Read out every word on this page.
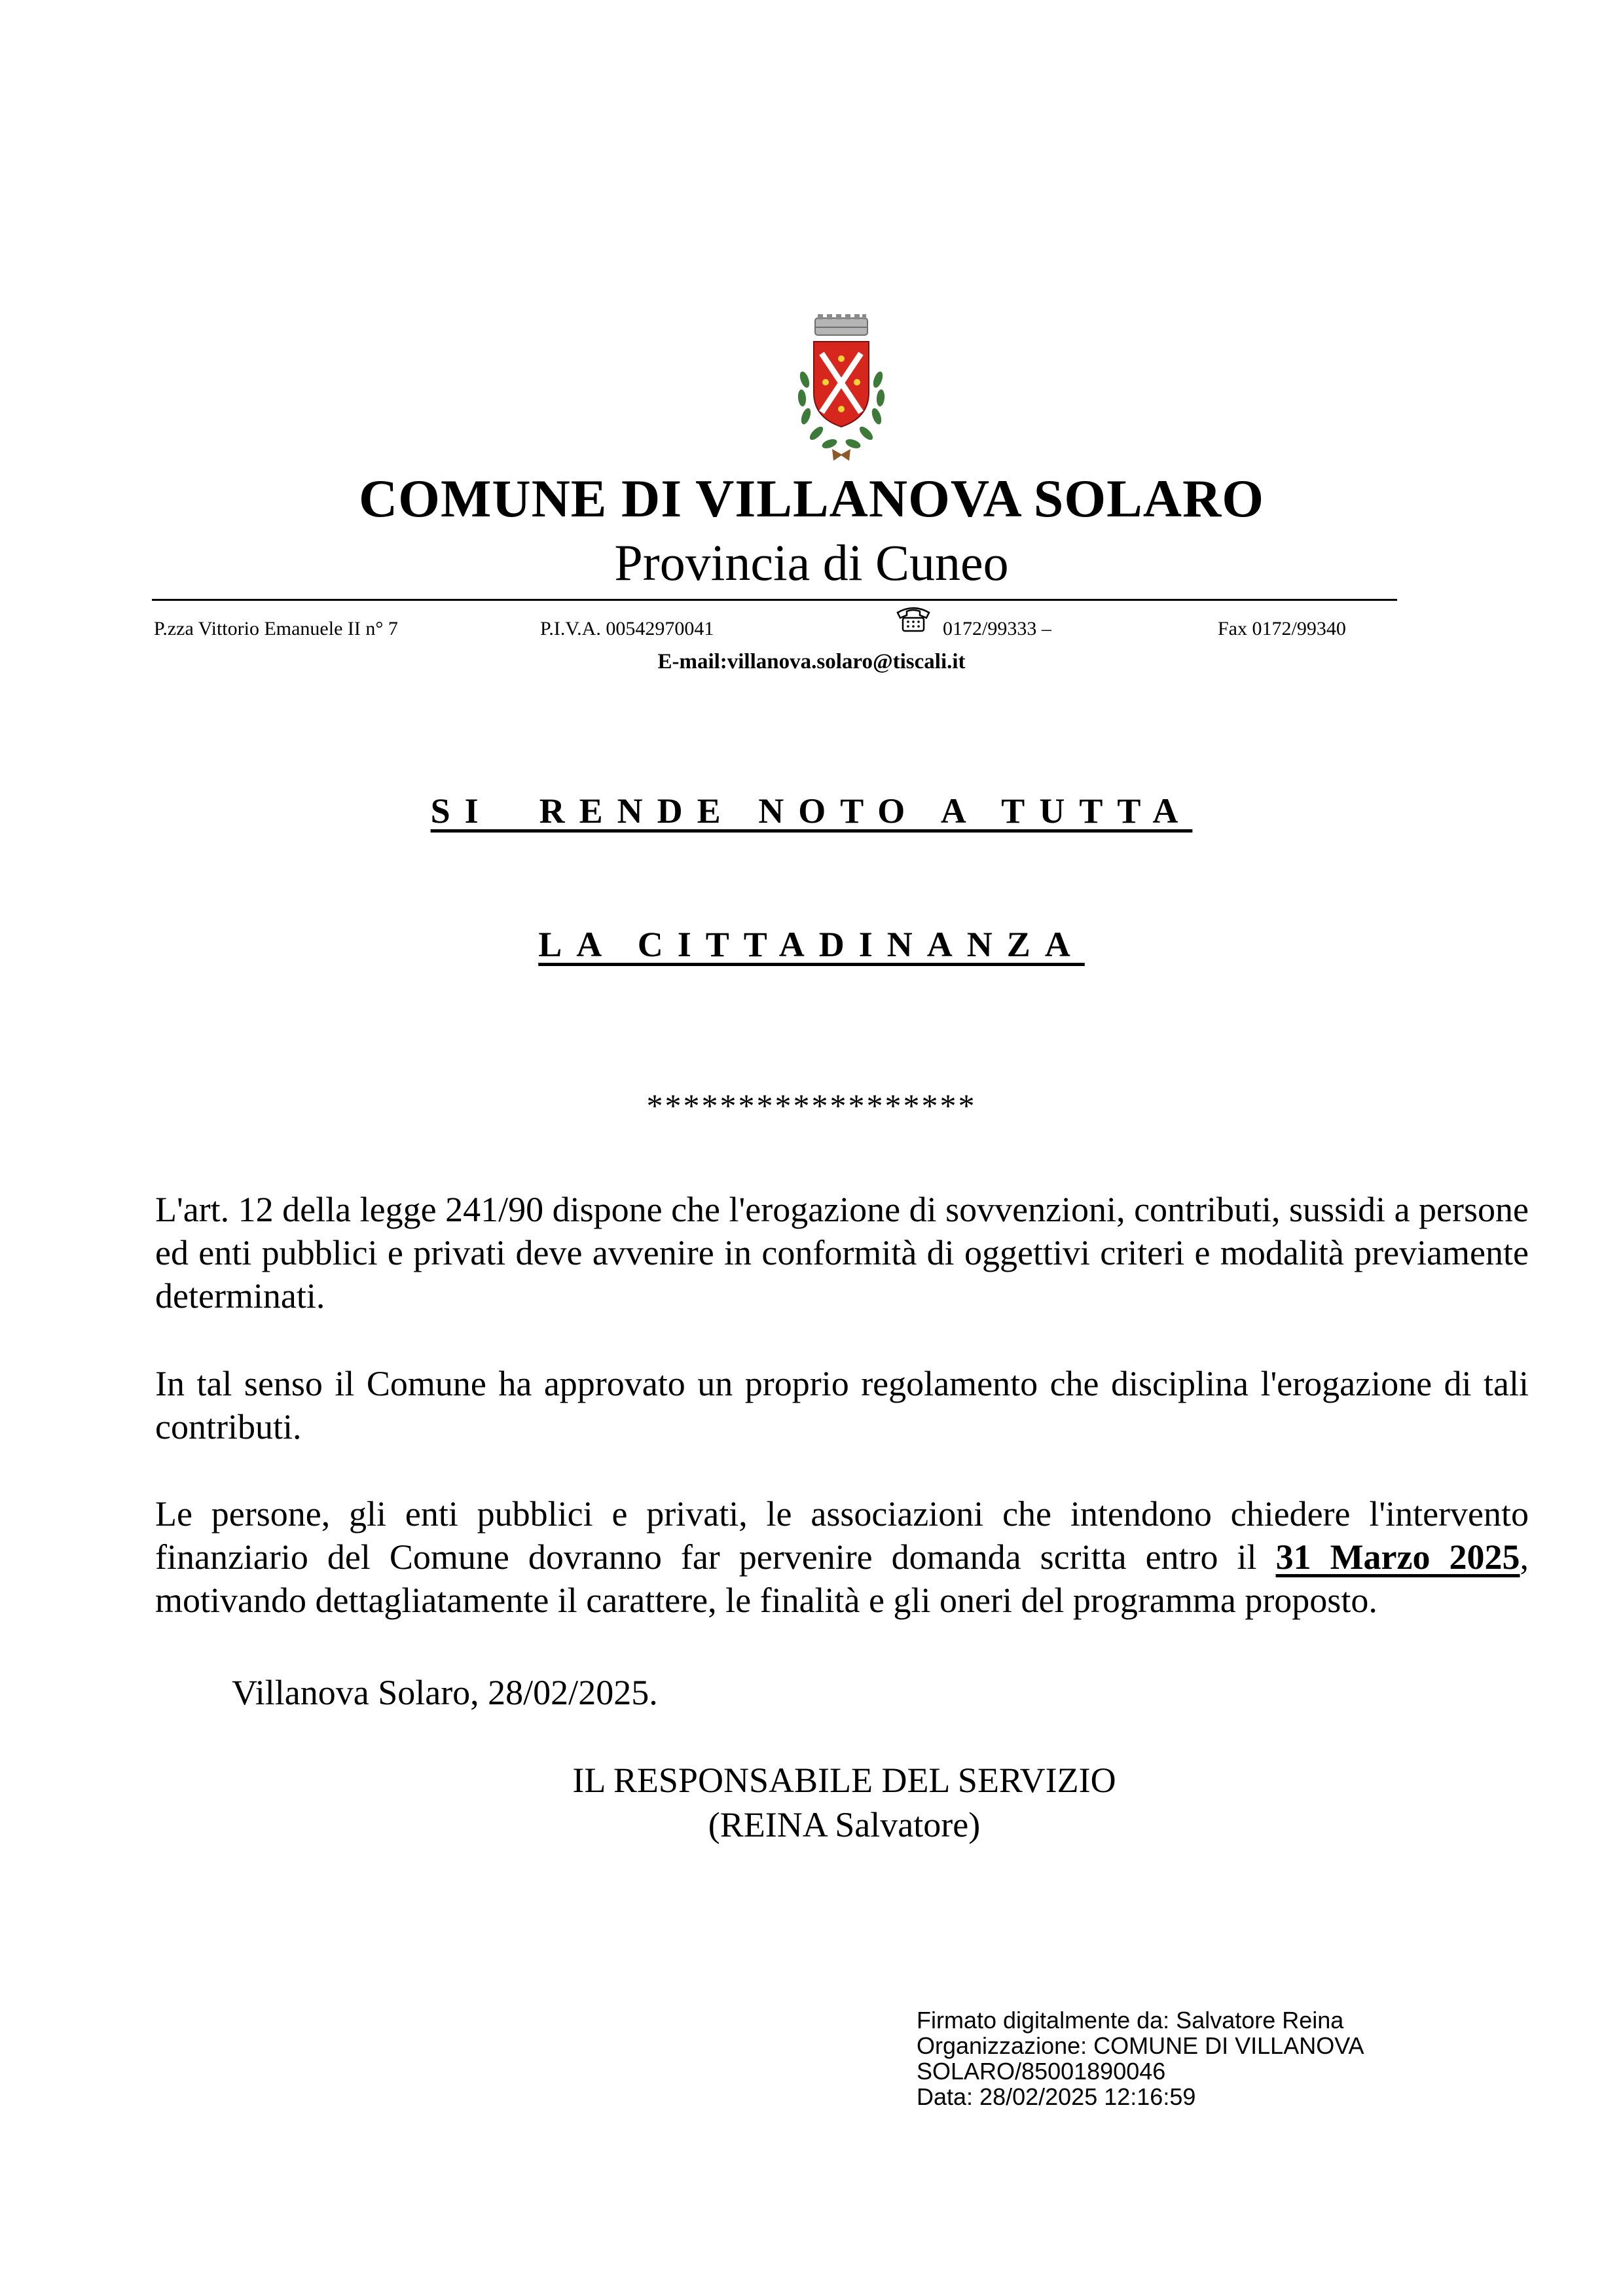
COMUNE DI VILLANOVA SOLARO
Provincia di Cuneo
P.zza Vittorio Emanuele II n° 7	P.I.V.A. 00542970041	0172/99333 –	Fax 0172/99340
E-mail:villanova.solaro@tiscali.it
SI  RENDE NOTO A TUTTA
LA CITTADINANZA
******************
L'art. 12 della legge 241/90 dispone che l'erogazione di sovvenzioni, contributi, sussidi a persone ed enti pubblici e privati deve avvenire in conformità di oggettivi criteri e modalità previamente determinati.
In tal senso il Comune ha approvato un proprio regolamento che disciplina l'erogazione di tali contributi.
Le persone, gli enti pubblici e privati, le associazioni che intendono chiedere l'intervento finanziario del Comune dovranno far pervenire domanda scritta entro il 31 Marzo 2025, motivando dettagliatamente il carattere, le finalità e gli oneri del programma proposto.
Villanova Solaro, 28/02/2025.
IL RESPONSABILE DEL SERVIZIO
(REINA Salvatore)
Firmato digitalmente da: Salvatore Reina
Organizzazione: COMUNE DI VILLANOVA
SOLARO/85001890046
Data: 28/02/2025 12:16:59
